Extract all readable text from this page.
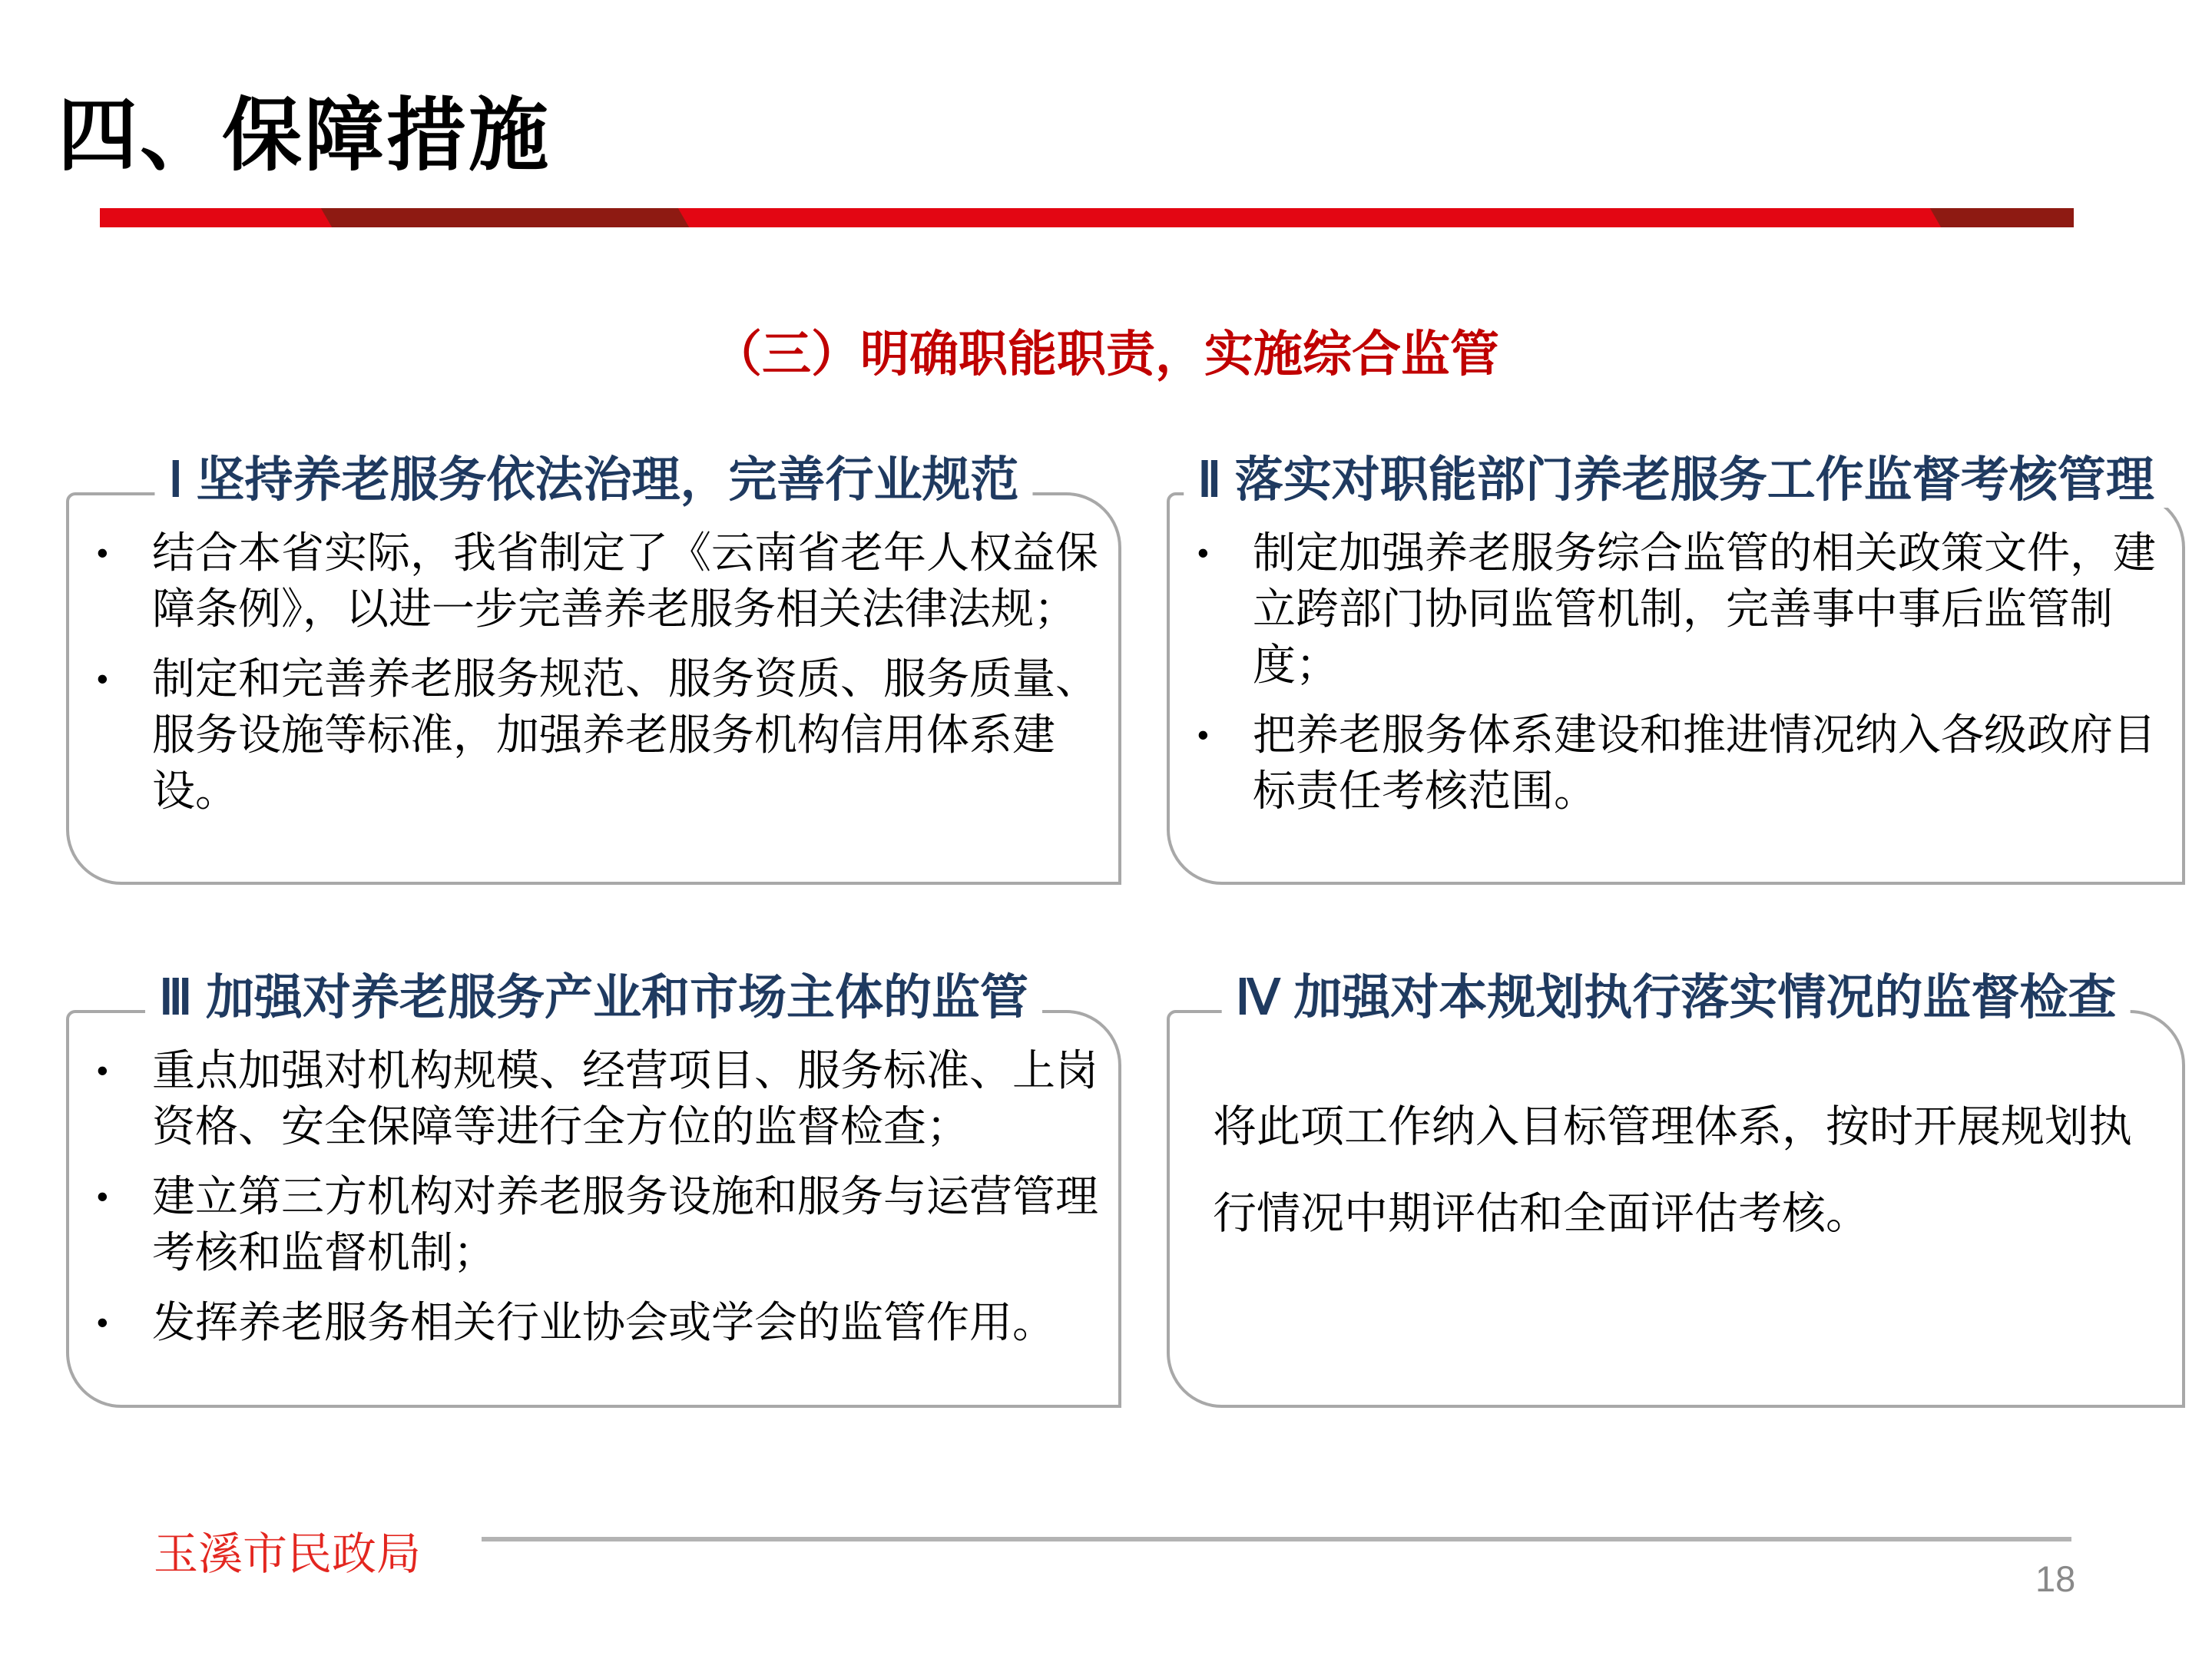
四、保障措施
（三）明确职能职责，实施综合监管
Ⅰ 坚持养老服务依法治理，完善行业规范
•	结合本省实际，我省制定了《云南省老年人权益保障条例》，以进一步完善养老服务相关法律法规；
•	制定和完善养老服务规范、服务资质、服务质量、服务设施等标准，加强养老服务机构信用体系建设。
Ⅱ 落实对职能部门养老服务工作监督考核管理
•	制定加强养老服务综合监管的相关政策文件，建立跨部门协同监管机制，完善事中事后监管制度；
•	把养老服务体系建设和推进情况纳入各级政府目标责任考核范围。
Ⅲ 加强对养老服务产业和市场主体的监管
•	重点加强对机构规模、经营项目、服务标准、上岗资格、安全保障等进行全方位的监督检查；
•	建立第三方机构对养老服务设施和服务与运营管理考核和监督机制；
•	发挥养老服务相关行业协会或学会的监管作用。
Ⅳ 加强对本规划执行落实情况的监督检查
将此项工作纳入目标管理体系，按时开展规划执行情况中期评估和全面评估考核。
玉溪市民政局	18
